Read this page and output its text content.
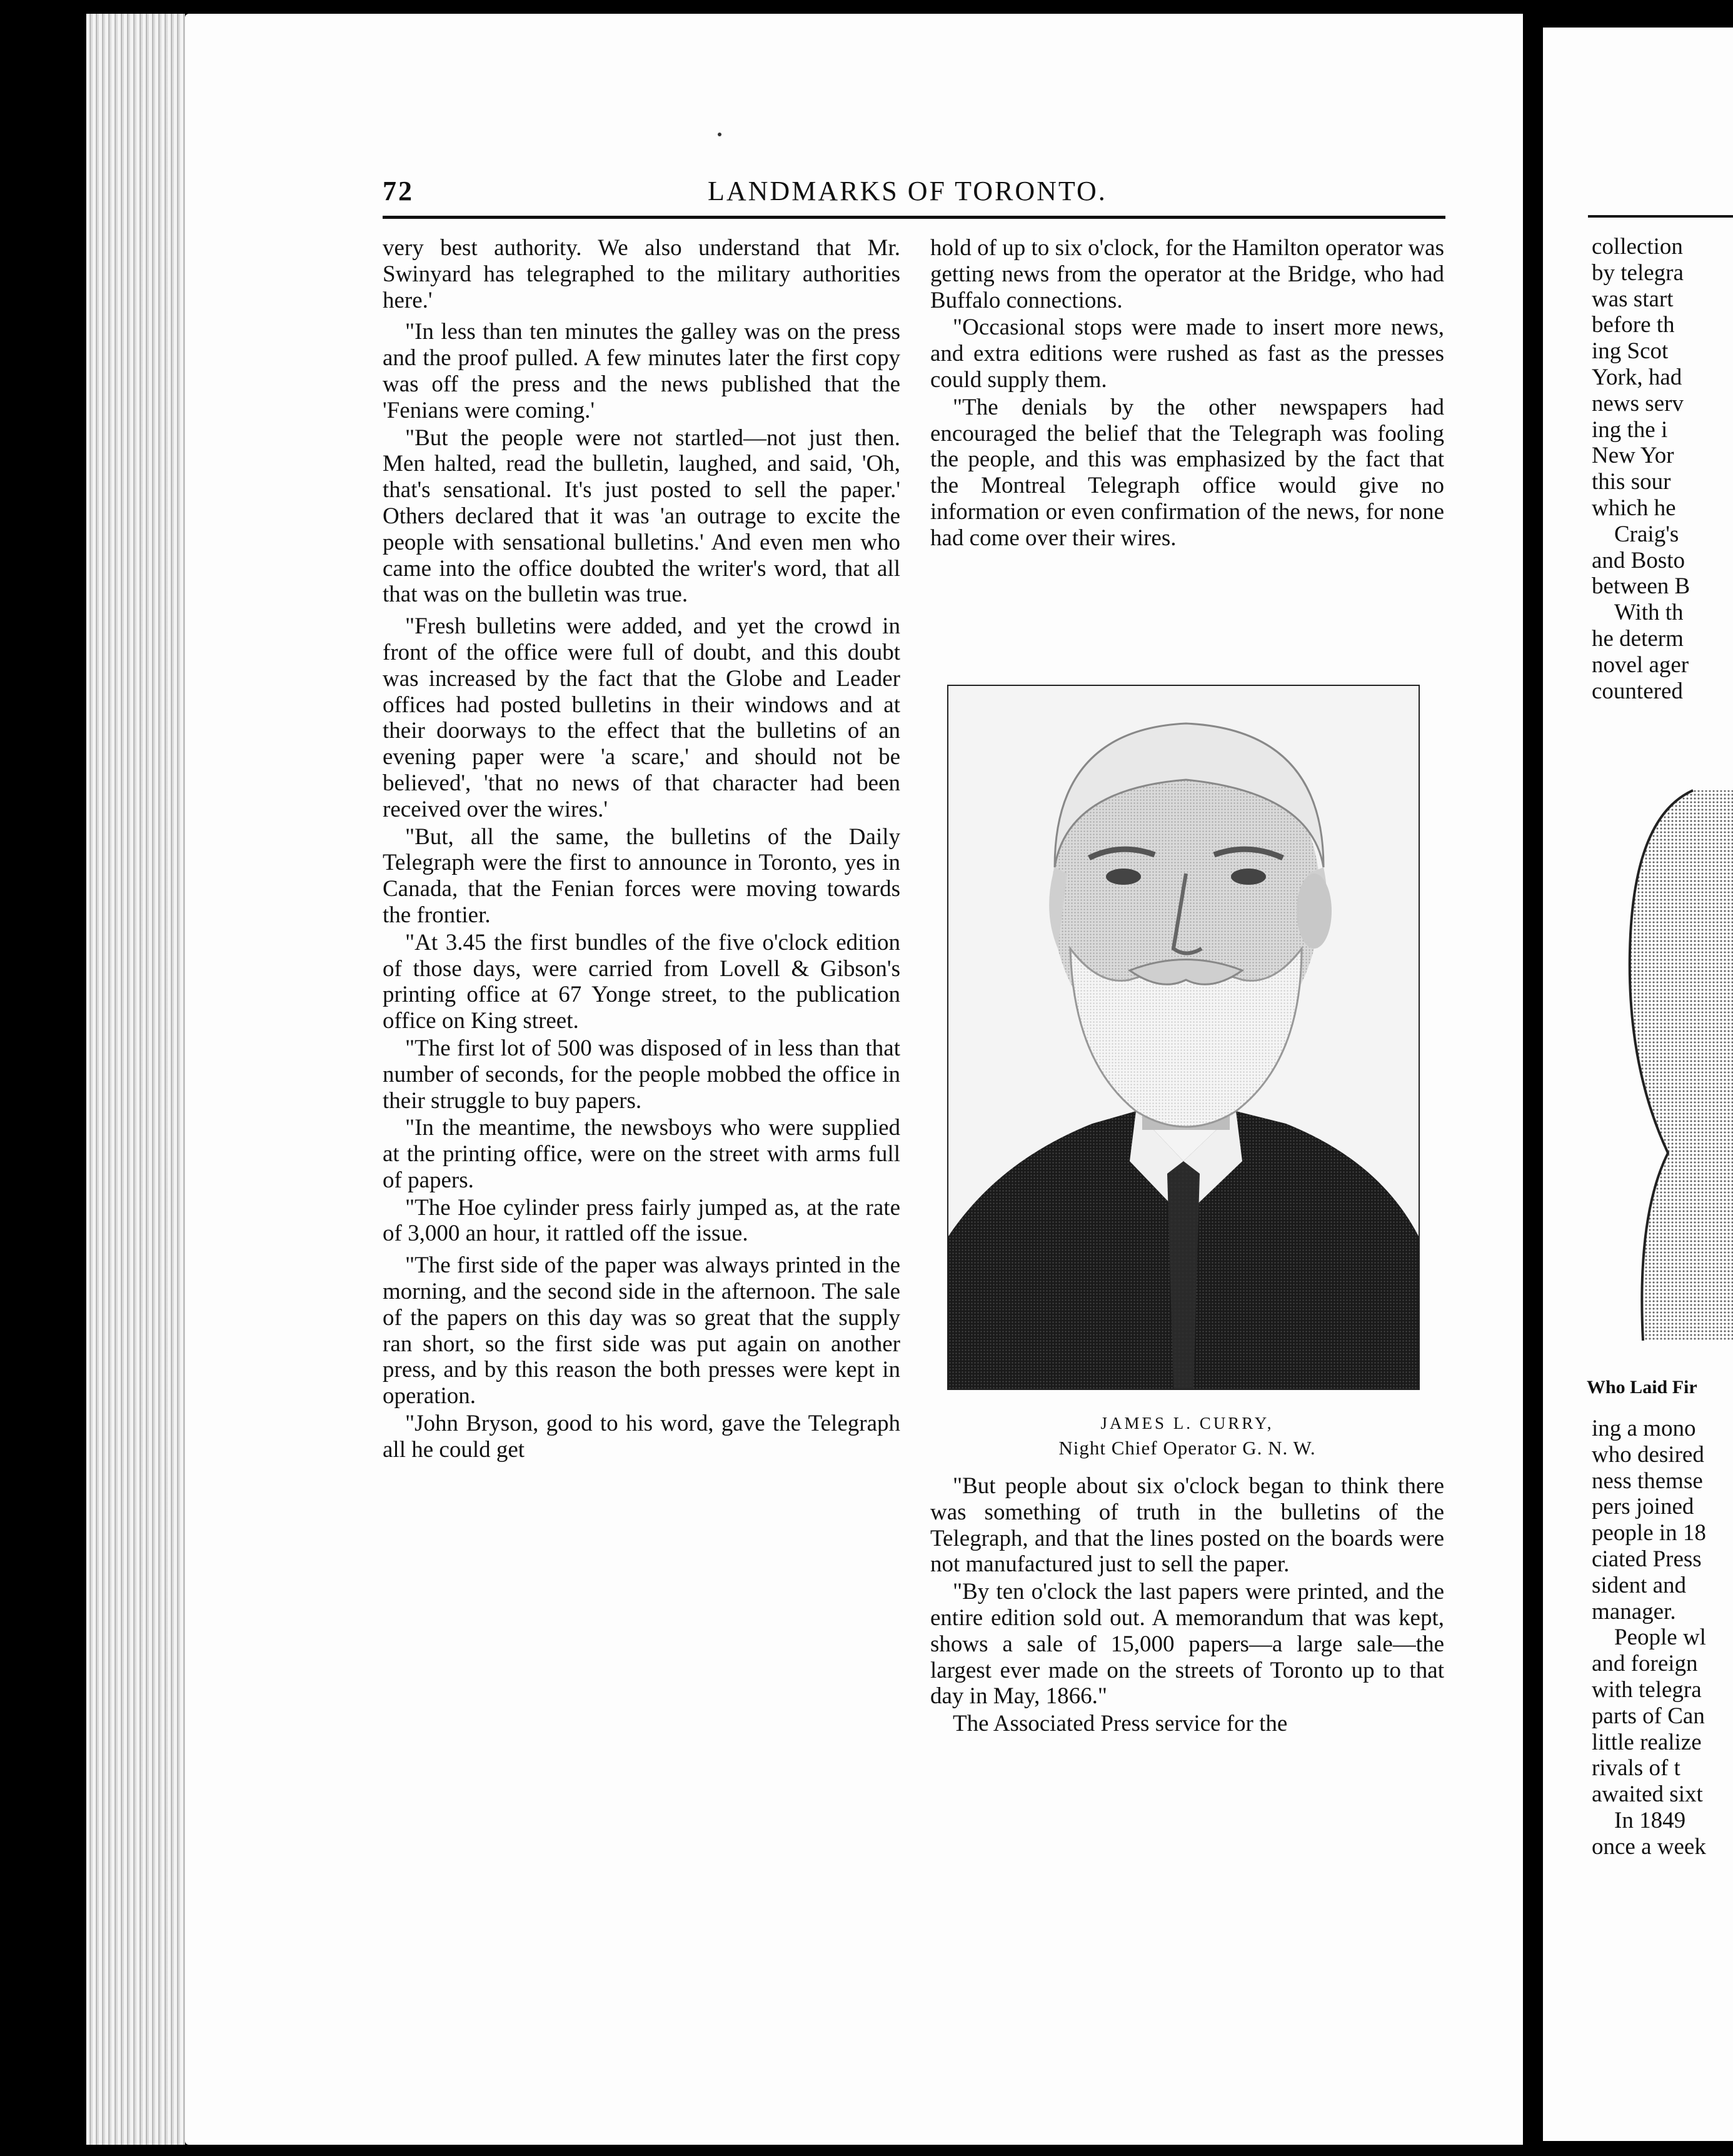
72	LANDMARKS OF TORONTO.

very best authority. We also understand that Mr. Swinyard has telegraphed to the military authorities here.'

"In less than ten minutes the galley was on the press and the proof pulled. A few minutes later the first copy was off the press and the news published that the 'Fenians were coming.'

"But the people were not startled—not just then. Men halted, read the bulletin, laughed, and said, 'Oh, that's sensational. It's just posted to sell the paper.' Others declared that it was 'an outrage to excite the people with sensational bulletins.' And even men who came into the office doubted the writer's word, that all that was on the bulletin was true.

"Fresh bulletins were added, and yet the crowd in front of the office were full of doubt, and this doubt was increased by the fact that the Globe and Leader offices had posted bulletins in their windows and at their doorways to the effect that the bulletins of an evening paper were 'a scare,' and should not be believed', 'that no news of that character had been received over the wires.'

"But, all the same, the bulletins of the Daily Telegraph were the first to announce in Toronto, yes in Canada, that the Fenian forces were moving towards the frontier.

"At 3.45 the first bundles of the five o'clock edition of those days, were carried from Lovell & Gibson's printing office at 67 Yonge street, to the publication office on King street.

"The first lot of 500 was disposed of in less than that number of seconds, for the people mobbed the office in their struggle to buy papers.

"In the meantime, the newsboys who were supplied at the printing office, were on the street with arms full of papers.

"The Hoe cylinder press fairly jumped as, at the rate of 3,000 an hour, it rattled off the issue.

"The first side of the paper was always printed in the morning, and the second side in the afternoon. The sale of the papers on this day was so great that the supply ran short, so the first side was put again on another press, and by this reason the both presses were kept in operation.

"John Bryson, good to his word, gave the Telegraph all he could get

hold of up to six o'clock, for the Hamilton operator was getting news from the operator at the Bridge, who had Buffalo connections.

"Occasional stops were made to insert more news, and extra editions were rushed as fast as the presses could supply them.

"The denials by the other newspapers had encouraged the belief that the Telegraph was fooling the people, and this was emphasized by the fact that the Montreal Telegraph office would give no information or even confirmation of the news, for none had come over their wires.

JAMES L. CURRY,
Night Chief Operator G. N. W.

"But people about six o'clock began to think there was something of truth in the bulletins of the Telegraph, and that the lines posted on the boards were not manufactured just to sell the paper.

"By ten o'clock the last papers were printed, and the entire edition sold out. A memorandum that was kept, shows a sale of 15,000 papers—a large sale—the largest ever made on the streets of Toronto up to that day in May, 1866."

The Associated Press service for the

collection
by telegra
was start
before th
ing Scot
York, had
news serv
ing the i
New Yor
this sour
which he
Craig's
and Bosto
between B
With th
he determ
novel ager
countered
Who Laid Fir
ing a mono
who desired
ness themse
pers joined
people in 18
ciated Press
sident and
manager.
People wl
and foreign
with telegra
parts of Can
little realize
rivals of t
awaited sixt
In 1849
once a week
